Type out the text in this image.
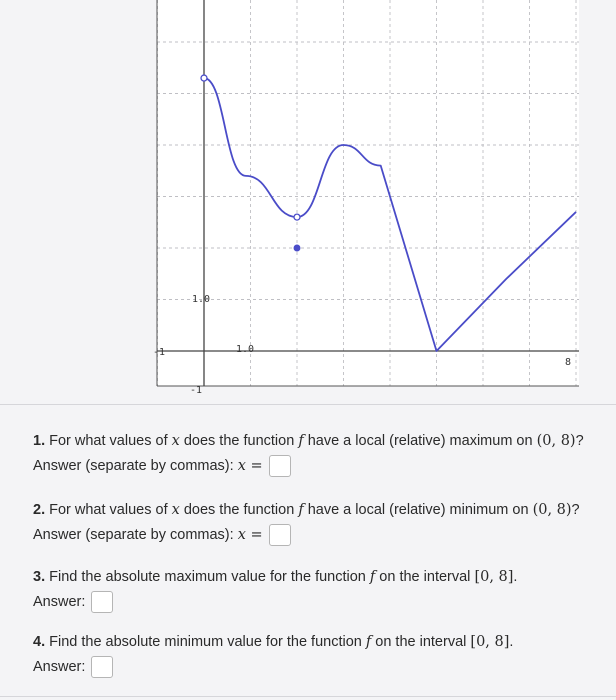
-1	1.0
8
1.0
-1
1. For what values of x does the function f have a local (relative) maximum on (0, 8)?
Answer (separate by commas): x =
2. For what values of x does the function f have a local (relative) minimum on (0, 8)?
Answer (separate by commas): x =
3. Find the absolute maximum value for the function f on the interval [0, 8].
Answer:
4. Find the absolute minimum value for the function f on the interval [0, 8].
Answer:
